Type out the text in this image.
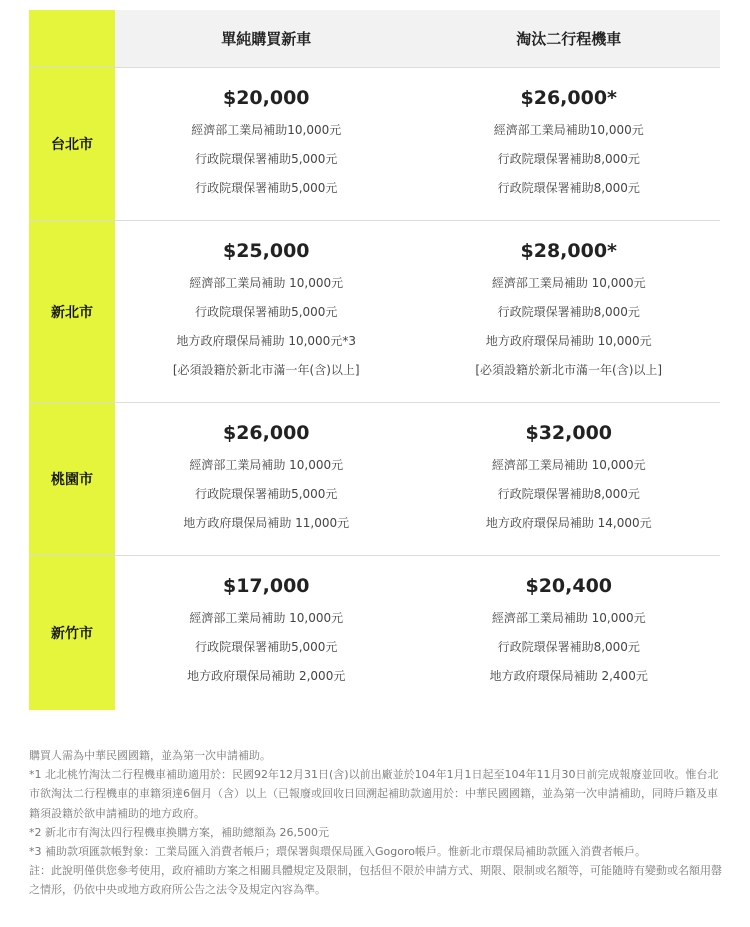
單純購買新車	淘汰二行程機車
台北市
$20,000
經濟部工業局補助10,000元
行政院環保署補助5,000元
行政院環保署補助5,000元
$26,000*
經濟部工業局補助10,000元
行政院環保署補助8,000元
行政院環保署補助8,000元
新北市
$25,000
經濟部工業局補助 10,000元
行政院環保署補助5,000元
地方政府環保局補助 10,000元*3
[必須設籍於新北市滿一年(含)以上]
$28,000*
經濟部工業局補助 10,000元
行政院環保署補助8,000元
地方政府環保局補助 10,000元
[必須設籍於新北市滿一年(含)以上]
桃園市
$26,000
經濟部工業局補助 10,000元
行政院環保署補助5,000元
地方政府環保局補助 11,000元
$32,000
經濟部工業局補助 10,000元
行政院環保署補助8,000元
地方政府環保局補助 14,000元
新竹市
$17,000
經濟部工業局補助 10,000元
行政院環保署補助5,000元
地方政府環保局補助 2,000元
$20,400
經濟部工業局補助 10,000元
行政院環保署補助8,000元
地方政府環保局補助 2,400元

購買人需為中華民國國籍，並為第一次申請補助。

*1 北北桃竹淘汰二行程機車補助適用於：民國92年12月31日(含)以前出廠並於104年1月1日起至104年11月30日前完成報廢並回收。惟台北市欲淘汰二行程機車的車籍須達6個月（含）以上（已報廢或回收日回溯起補助款適用於：中華民國國籍，並為第一次申請補助，同時戶籍及車籍須設籍於欲申請補助的地方政府。

*2 新北市有淘汰四行程機車換購方案，補助總額為 26,500元

*3 補助款項匯款帳對象：工業局匯入消費者帳戶；環保署與環保局匯入Gogoro帳戶。惟新北市環保局補助款匯入消費者帳戶。

註：此說明僅供您參考使用，政府補助方案之相關具體規定及限制，包括但不限於申請方式、期限、限制或名額等，可能隨時有變動或名額用罄之情形，仍依中央或地方政府所公告之法令及規定內容為準。
